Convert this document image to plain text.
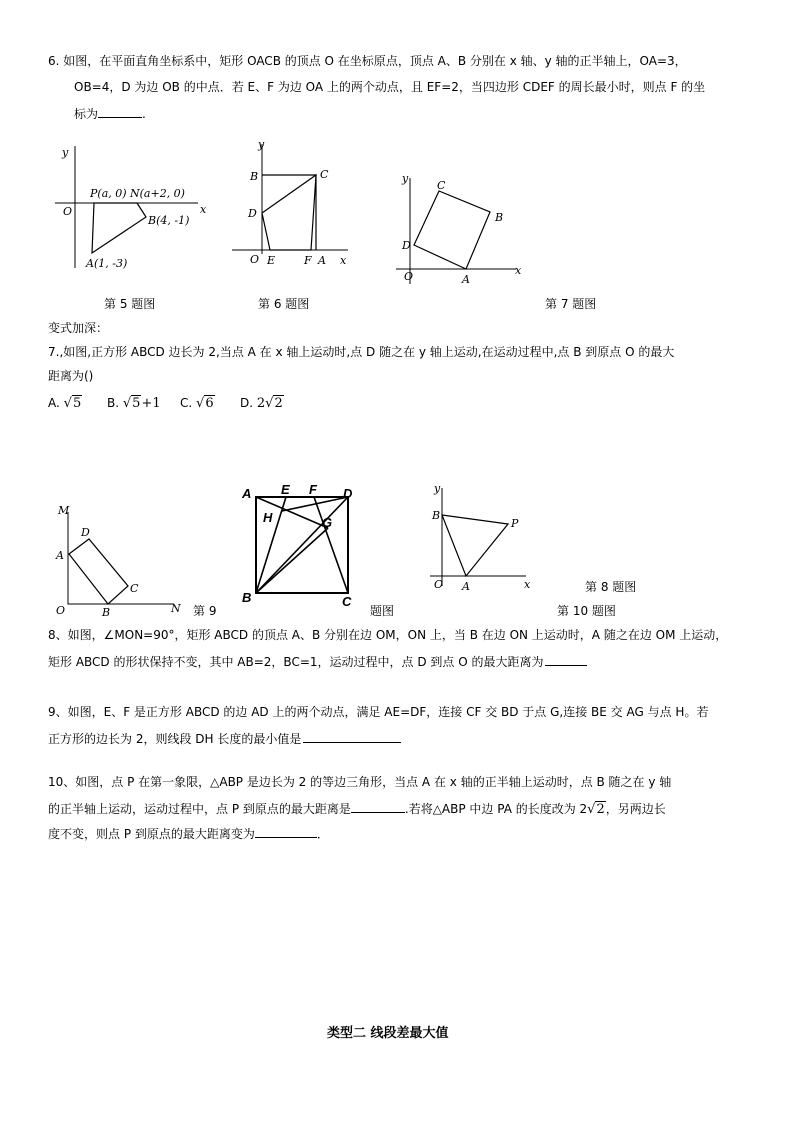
6. 如图，在平面直角坐标系中，矩形 OACB 的顶点 O 在坐标原点，顶点 A、B 分别在 x 轴、y 轴的正半轴上，OA=3，
OB=4，D 为边 OB 的中点．若 E、F 为边 OA 上的两个动点，且 EF=2，当四边形 CDEF 的周长最小时，则点 F 的坐
标为	.
y
x
O
P(a, 0) N(a+2, 0)
B(4, -1)
A(1, -3)
第 5 题图
y
x
B	C
D
O E	F A
第 6 题图
y
x
C
B
D
O	A
第 7 题图
变式加深：
7.,如图,正方形 ABCD 边长为 2,当点 A 在 x 轴上运动时,点 D 随之在 y 轴上运动,在运动过程中,点 B 到原点 O 的最大
距离为()
A. √5 B. √5+1 C. √6 D. 2√2
M
D
A
C
O	B	N 第 9
A E F D
H	G
B	C
题图
y
x
B
P
O A	第 8 题图
第 10 题图
8、如图，∠MON=90°，矩形 ABCD 的顶点 A、B 分别在边 OM，ON 上，当 B 在边 ON 上运动时，A 随之在边 OM 上运动，
矩形 ABCD 的形状保持不变，其中 AB=2，BC=1，运动过程中，点 D 到点 O 的最大距离为
9、如图，E、F 是正方形 ABCD 的边 AD 上的两个动点，满足 AE=DF，连接 CF 交 BD 于点 G,连接 BE 交 AG 与点 H。若
正方形的边长为 2，则线段 DH 长度的最小值是
10、如图，点 P 在第一象限，△ABP 是边长为 2 的等边三角形，当点 A 在 x 轴的正半轴上运动时，点 B 随之在 y 轴
的正半轴上运动，运动过程中，点 P 到原点的最大距离是	.若将△ABP 中边 PA 的长度改为 2√2，另两边长
度不变，则点 P 到原点的最大距离变为	．
类型二 线段差最大值
